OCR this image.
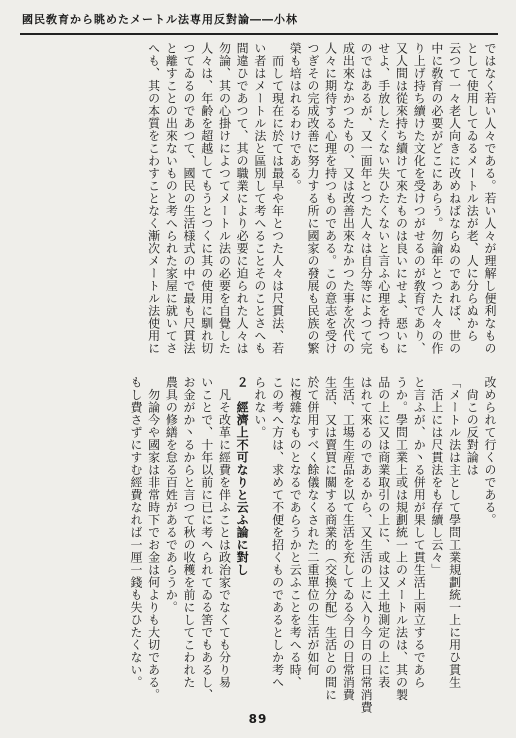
國民敎育から眺めたメートル法専用反對論――小林
ではなく若い人々である。若い人々が理解し便利なもの
として使用してゐるメートル法が老、人に分らぬから
云つて一々老人向きに改めねばならぬのであれば、世の
中に敎育の必要がどこにあらう。勿論年とつた人々の作
り上げ持ち續けた文化を受けつがせるのが敎育であり、
又人間は從來持ち續けて來たものは良いにせよ、惡いに
せよ、手放したくない失ひたくないと言ふ心理を持つも
のではあるが、又一面年とつた人々は自分等によつて完
成出來なかつたもの、又は改善出來なかつた事を次代の
人々に期待する心理を持つものである。この意志を受け
つぎその完成改善に努力する所に國家の發展も民族の繁
榮も培はれるわけである。
　而して現在に於ては最早や年とつた人々は尺貫法、若
い者はメートル法と區別して考へることそのことさへも
間違ひであつて、其の職業により必要に迫られた人々は
勿論、其の心掛けによつてメートル法の必要を自覺した
人々は、年齢を超越してもうとつくに其の使用に馴れ切
つてゐるのであつて、國民の生活様式の中で最も尺貫法
と離すことの出來ないものと考へられた家屋に就いてさ
へも、其の本質をこわすことなく漸次メートル法使用に
改められて行くのである。
　尙この反對論は
「メートル法は主として學問工業規劃統一上に用ひ貫生
　活上には尺貫法をも存續し云々」
と言ふが、か丶る併用が果して貫生活上兩立するであら
うか。學問工業上或は規劃統一上のメートル法は、其の製
品の上に又は商業取引の上に、或は又土地測定の上に表
はれて來るのであるから、又生活の上に入り今日の日常消費
生活、工場生産品を以て生活を充してゐる今日の日常消費
生活、又は賣買に關する商業的（交換分配）生活との間に
於て併用すべく餘儀なくされた二重單位の生活が如何
に複雜なものとなるであらうかと云ふことを考へる時、
この考へ方は、求めて不便を招くものであるとしか考へ
られない。
２　經濟上不可なりと云ふ論に對し
　凡そ改革に經費を伴ふことは政治家でなくても分り易
いことで、十年以前に已に考へられてゐる筈でもあるし、
お金がか丶るからと言つて秋の收穫を前にしてこわれた
農具の修繕を怠る百姓があるであらうか。
　勿論今や國家は非常時下でお金は何よりも大切である。
もし費さずにすむ經費なれば一厘一錢も失ひたくない。
89
